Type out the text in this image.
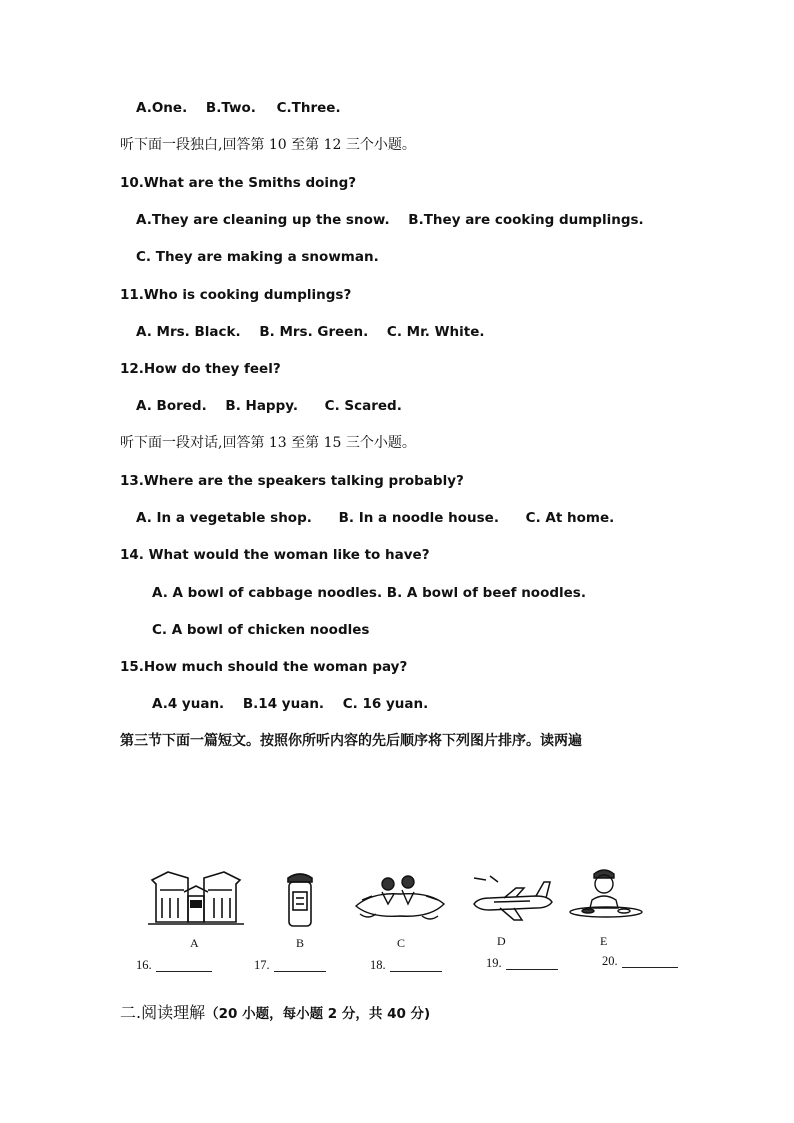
A.One. B.Two. C.Three.
听下面一段独白,回答第 10 至第 12 三个小题。
10.What are the Smiths doing?
A.They are cleaning up the snow. B.They are cooking dumplings.
C. They are making a snowman.
11.Who is cooking dumplings?
A. Mrs. Black. B. Mrs. Green. C. Mr. White.
12.How do they feel?
A. Bored. B. Happy. C. Scared.
听下面一段对话,回答第 13 至第 15 三个小题。
13.Where are the speakers talking probably?
A. In a vegetable shop. B. In a noodle house. C. At home.
14. What would the woman like to have?
A. A bowl of cabbage noodles. B. A bowl of beef noodles.
C. A bowl of chicken noodles
15.How much should the woman pay?
A.4 yuan. B.14 yuan. C. 16 yuan.
第三节下面一篇短文。按照你所听内容的先后顺序将下列图片排序。读两遍
A	B	C	D	E
16.	17.	18.	19.	20.
二.阅读理解（20 小题，每小题 2 分，共 40 分)
